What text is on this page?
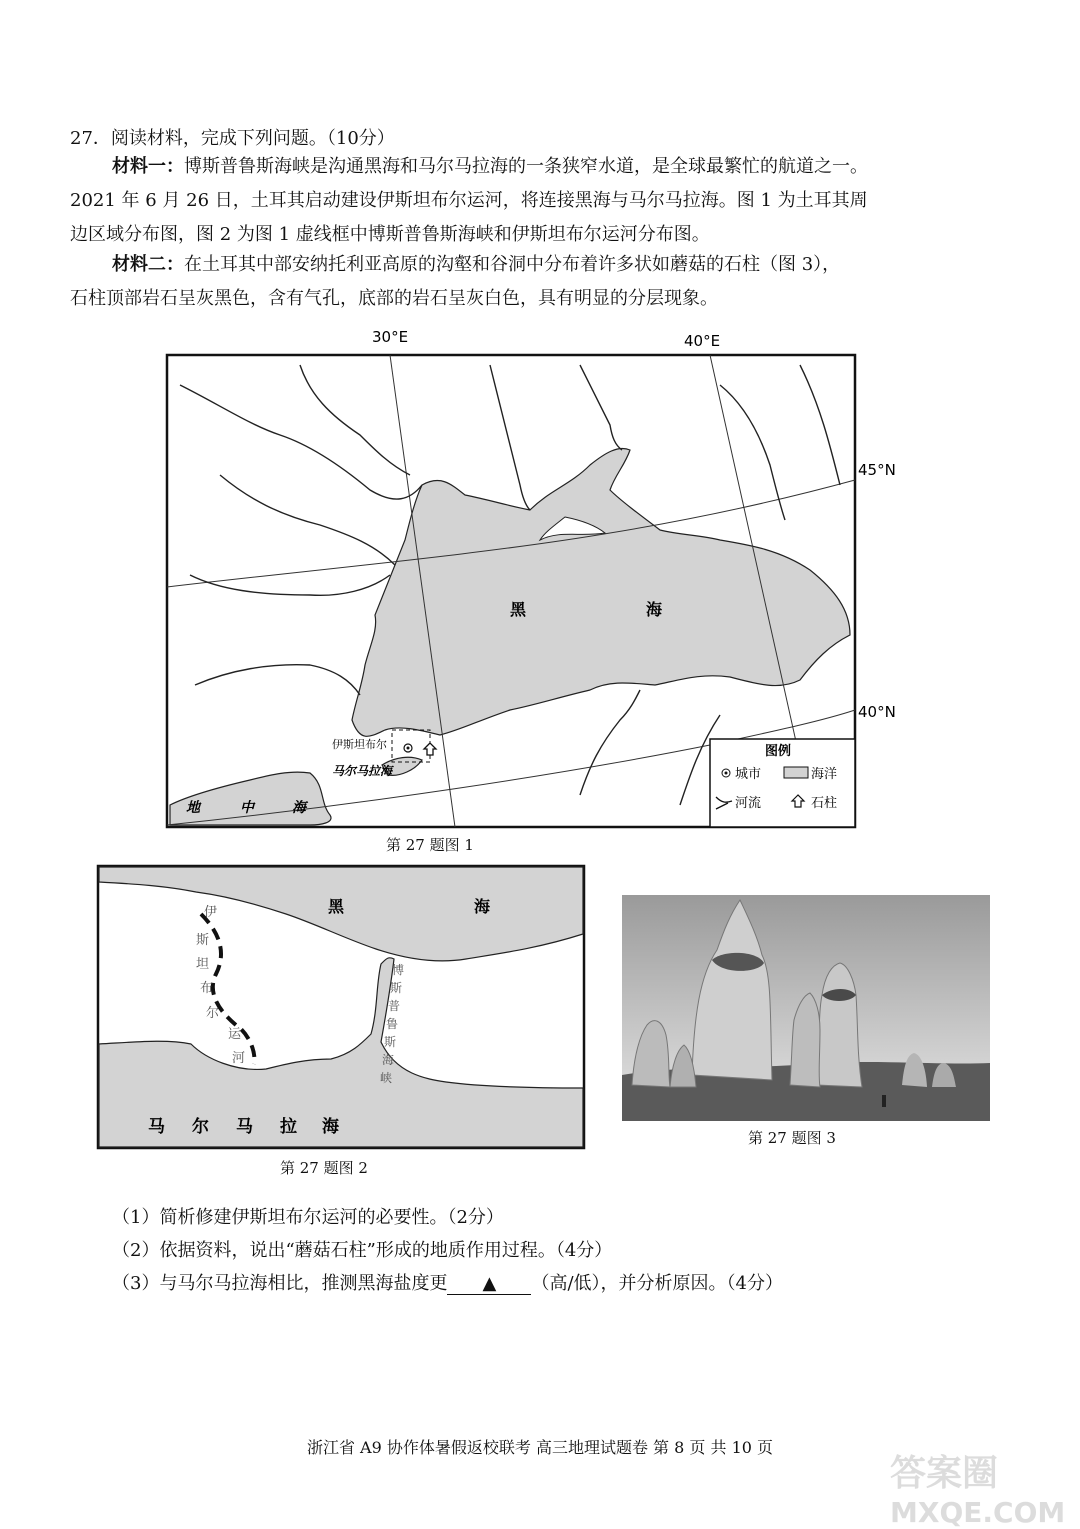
27．阅读材料，完成下列问题。（10分）
材料一：博斯普鲁斯海峡是沟通黑海和马尔马拉海的一条狭窄水道，是全球最繁忙的航道之一。
2021 年 6 月 26 日，土耳其启动建设伊斯坦布尔运河，将连接黑海与马尔马拉海。图 1 为土耳其周
边区域分布图，图 2 为图 1 虚线框中博斯普鲁斯海峡和伊斯坦布尔运河分布图。
材料二：在土耳其中部安纳托利亚高原的沟壑和谷洞中分布着许多状如蘑菇的石柱（图 3），
石柱顶部岩石呈灰黑色，含有气孔，底部的岩石呈灰白色，具有明显的分层现象。
30°E	40°E
45°N
40°N
黑	海
伊斯坦布尔
马尔马拉海
地	中	海
图例
城市	海洋
河流	石柱
第 27 题图 1
黑	海
伊
斯
坦
布
尔
运
河
博
斯
普
鲁
斯
海
峡
马 尔 马 拉 海
第 27 题图 2
第 27 题图 3
（1）简析修建伊斯坦布尔运河的必要性。（2分）
（2）依据资料，说出“蘑菇石柱”形成的地质作用过程。（4分）
（3）与马尔马拉海相比，推测黑海盐度更 ▲ （高/低），并分析原因。（4分）
浙江省 A9 协作体暑假返校联考 高三地理试题卷 第 8 页 共 10 页
答案圈
MXQE.COM
